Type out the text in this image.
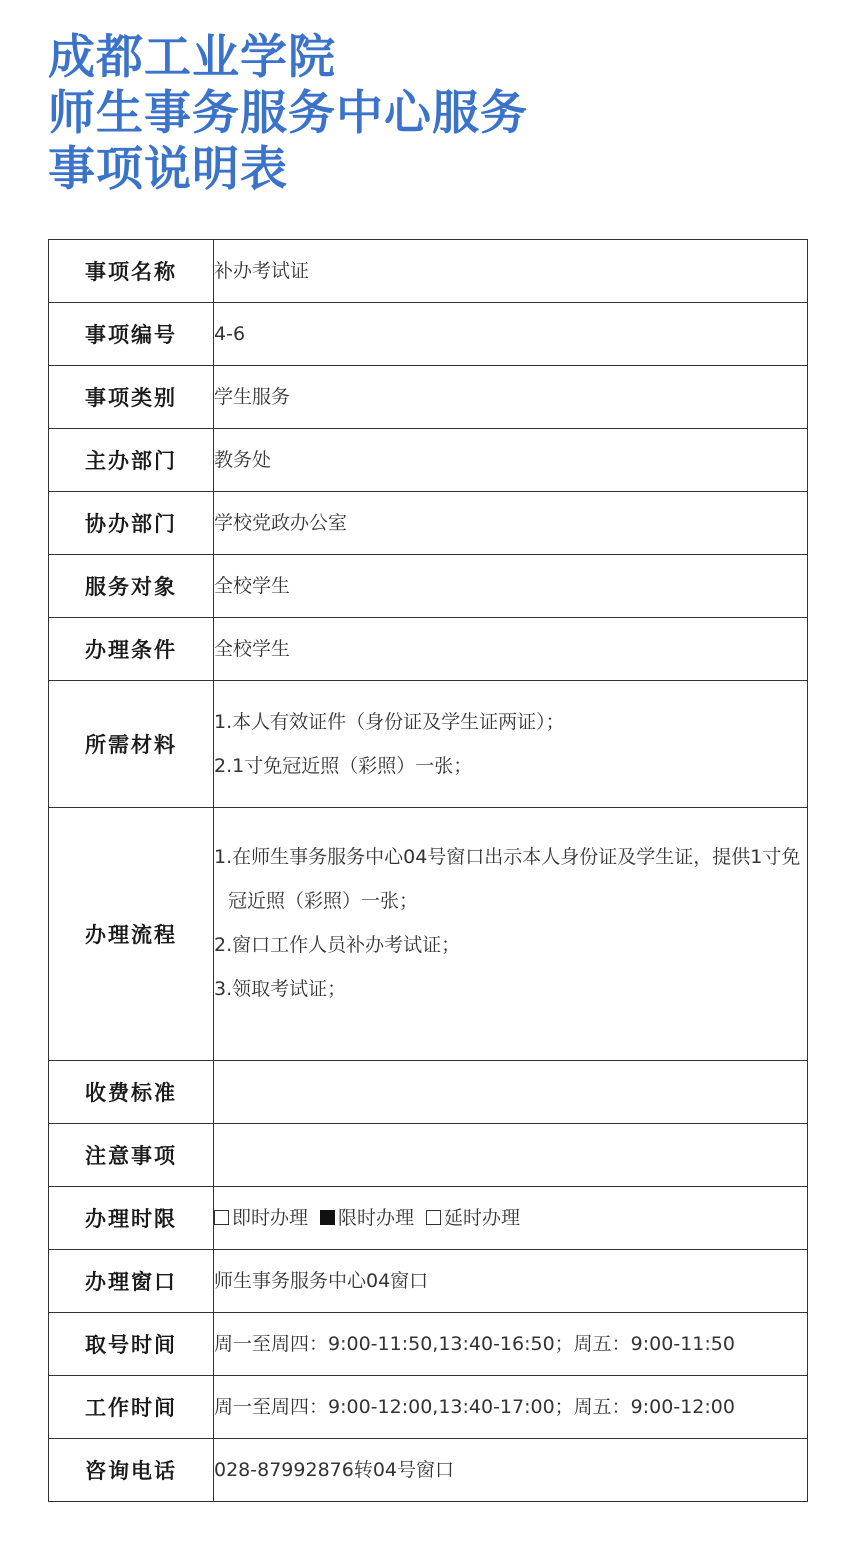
成都工业学院
师生事务服务中心服务
事项说明表
事项名称	补办考试证
事项编号	4-6
事项类别	学生服务
主办部门	教务处
协办部门	学校党政办公室
服务对象	全校学生
办理条件	全校学生
所需材料	1.本人有效证件（身份证及学生证两证）；
2.1寸免冠近照（彩照）一张；

办理流程	1.在师生事务服务中心04号窗口出示本人身份证及学生证，提供1寸免冠近照（彩照）一张；
2.窗口工作人员补办考试证；
3.领取考试证；

收费标准	
注意事项	
办理时限	即时办理 限时办理 延时办理
办理窗口	师生事务服务中心04窗口
取号时间	周一至周四：9:00-11:50,13:40-16:50；周五：9:00-11:50
工作时间	周一至周四：9:00-12:00,13:40-17:00；周五：9:00-12:00
咨询电话	028-87992876转04号窗口
